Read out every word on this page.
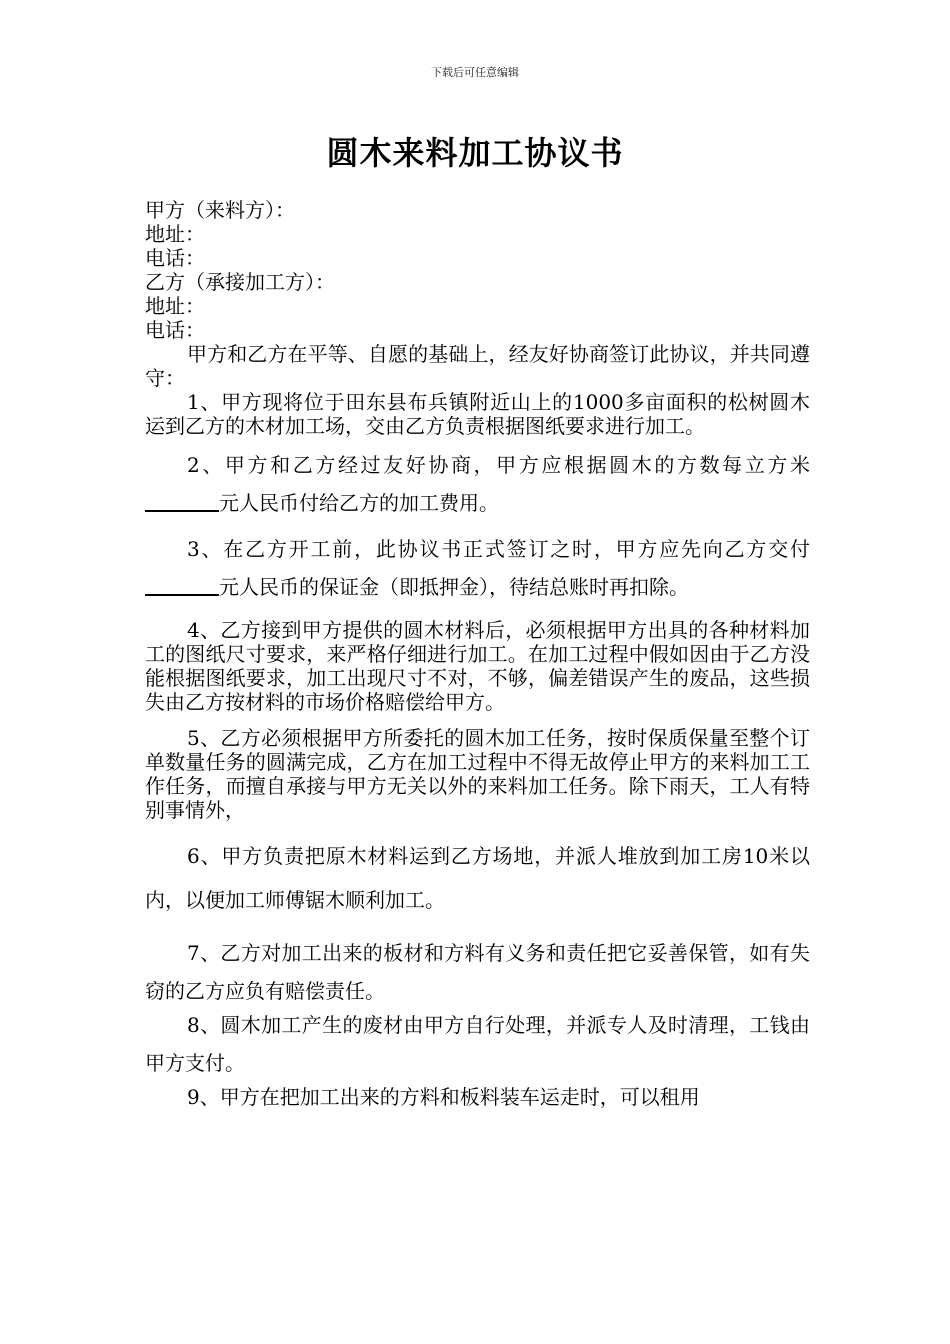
下载后可任意编辑
圆木来料加工协议书
甲方（来料方）：
地址：
电话：
乙方（承接加工方）：
地址：
电话：
甲方和乙方在平等、自愿的基础上，经友好协商签订此协议，并共同遵守：
1、甲方现将位于田东县布兵镇附近山上的1000多亩面积的松树圆木运到乙方的木材加工场，交由乙方负责根据图纸要求进行加工。
2、甲方和乙方经过友好协商，甲方应根据圆木的方数每立方米元人民币付给乙方的加工费用。
3、在乙方开工前，此协议书正式签订之时，甲方应先向乙方交付元人民币的保证金（即抵押金），待结总账时再扣除。
4、乙方接到甲方提供的圆木材料后，必须根据甲方出具的各种材料加工的图纸尺寸要求，来严格仔细进行加工。在加工过程中假如因由于乙方没能根据图纸要求，加工出现尺寸不对，不够，偏差错误产生的废品，这些损失由乙方按材料的市场价格赔偿给甲方。
5、乙方必须根据甲方所委托的圆木加工任务，按时保质保量至整个订单数量任务的圆满完成，乙方在加工过程中不得无故停止甲方的来料加工工作任务，而擅自承接与甲方无关以外的来料加工任务。除下雨天，工人有特别事情外，
6、甲方负责把原木材料运到乙方场地，并派人堆放到加工房10米以内，以便加工师傅锯木顺利加工。
7、乙方对加工出来的板材和方料有义务和责任把它妥善保管，如有失窃的乙方应负有赔偿责任。
8、圆木加工产生的废材由甲方自行处理，并派专人及时清理，工钱由甲方支付。
9、甲方在把加工出来的方料和板料装车运走时，可以租用
